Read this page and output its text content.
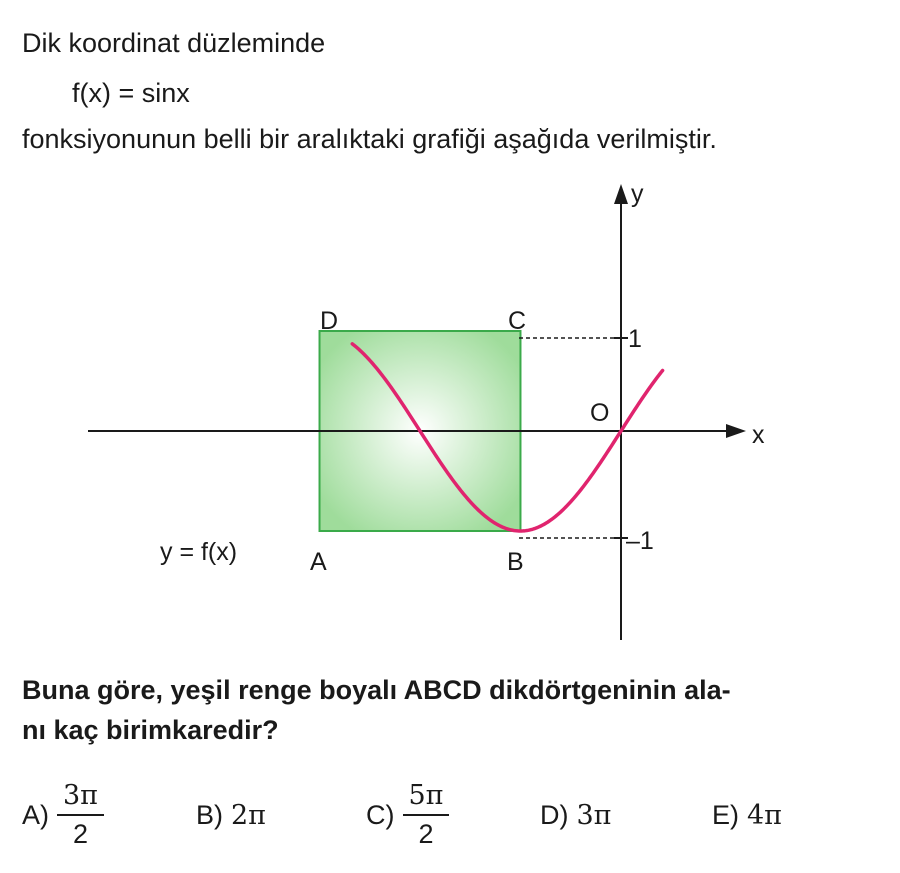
Dik koordinat düzleminde
f(x) = sinx
fonksiyonunun belli bir aralıktaki grafiği aşağıda verilmiştir.
y
x
O
1
–1
D	C
A	B
y = f(x)
Buna göre, yeşil renge boyalı ABCD dikdörtgeninin ala-
nı kaç birimkaredir?
$A) \frac{3\pi}{2}$	B) 2π	$C) \frac{5\pi}{2}$	D) 3π	E) 4π
